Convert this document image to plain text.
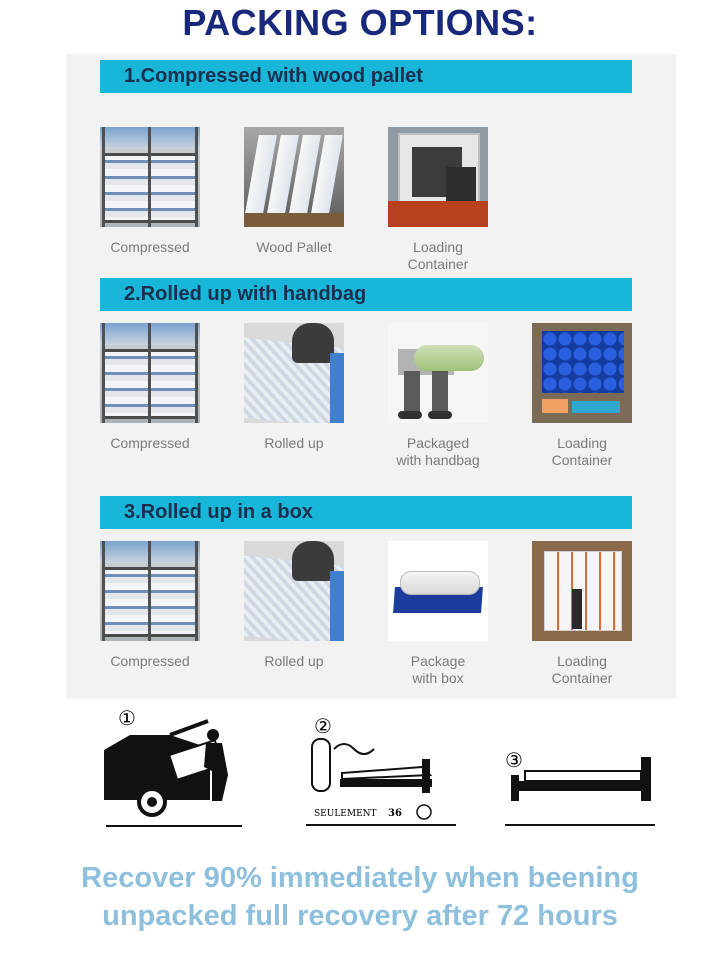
PACKING OPTIONS:
1.Compressed with wood pallet
Compressed	Wood Pallet	Loading
Container
2.Rolled up with handbag
Compressed	Rolled up	Packaged
with handbag
Loading
Container
3.Rolled up in a box
Compressed	Rolled up	Package
with box
Loading
Container
①	②
SEULEMENT 36
③
Recover 90% immediately when beening
unpacked full recovery after 72 hours
